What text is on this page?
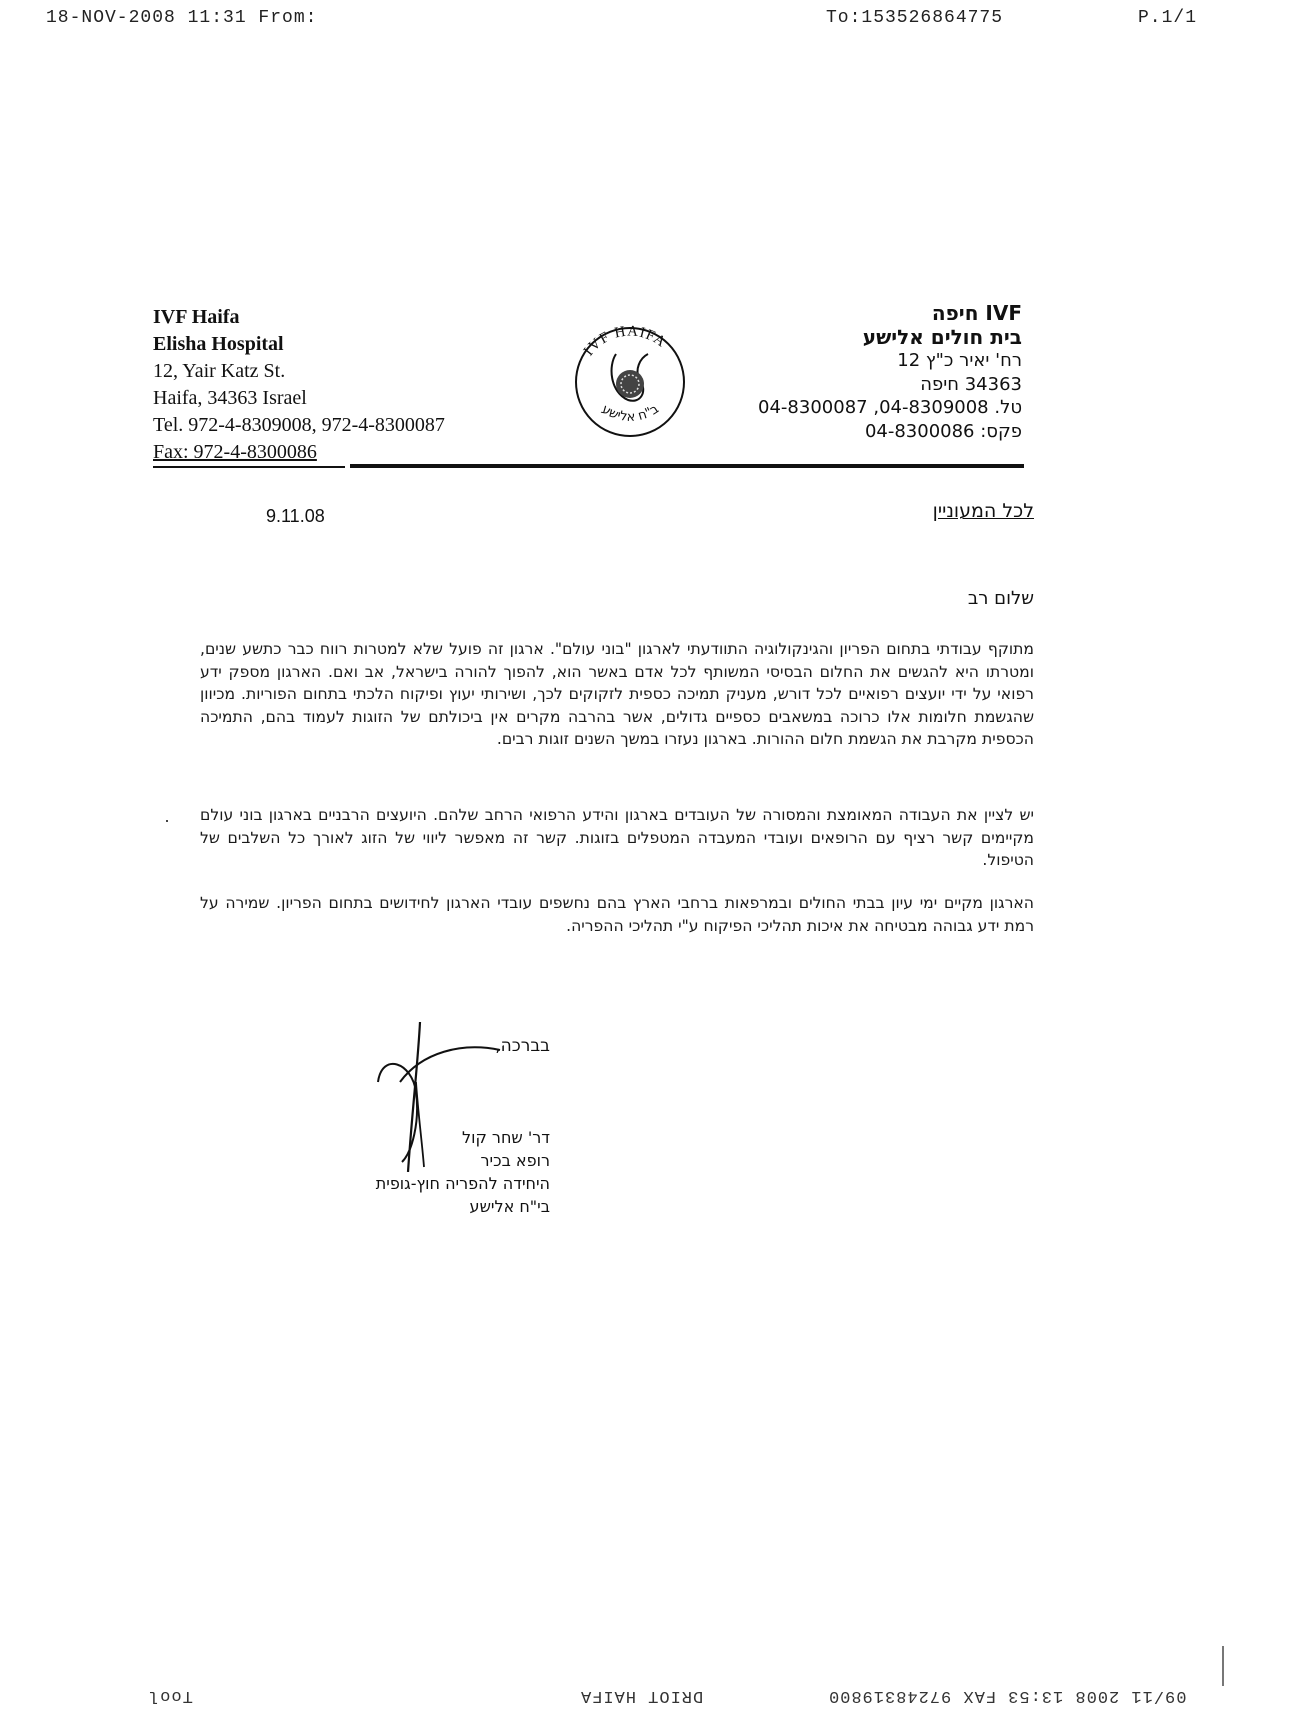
18-NOV-2008 11:31 From:	To:153526864775	P.1/1
IVF Haifa
Elisha Hospital
12, Yair Katz St.
Haifa, 34363 Israel
Tel. 972-4-8309008, 972-4-8300087
Fax: 972-4-8300086
IVF HAIFA
ב"ח אלישע
IVF חיפה
בית חולים אלישע
רח' יאיר כ"ץ 12
34363 חיפה
טל. 04-8309008, 04-8300087
פקס: 04-8300086
9.11.08	לכל המעוניין
שלום רב
מתוקף עבודתי בתחום הפריון והגינקולוגיה התוודעתי לארגון "בוני עולם". ארגון זה פועל שלא למטרות רווח כבר כתשע שנים, ומטרתו היא להגשים את החלום הבסיסי המשותף לכל אדם באשר הוא, להפוך להורה בישראל, אב ואם. הארגון מספק ידע רפואי על ידי יועצים רפואיים לכל דורש, מעניק תמיכה כספית לזקוקים לכך, ושירותי יעוץ ופיקוח הלכתי בתחום הפוריות. מכיוון שהגשמת חלומות אלו כרוכה במשאבים כספיים גדולים, אשר בהרבה מקרים אין ביכולתם של הזוגות לעמוד בהם, התמיכה הכספית מקרבת את הגשמת חלום ההורות. בארגון נעזרו במשך השנים זוגות רבים.
יש לציין את העבודה המאומצת והמסורה של העובדים בארגון והידע הרפואי הרחב שלהם. היועצים הרבניים בארגון בוני עולם מקיימים קשר רציף עם הרופאים ועובדי המעבדה המטפלים בזוגות. קשר זה מאפשר ליווי של הזוג לאורך כל השלבים של הטיפול.
הארגון מקיים ימי עיון בבתי החולים ובמרפאות ברחבי הארץ בהם נחשפים עובדי הארגון לחידושים בתחום הפריון. שמירה על רמת ידע גבוהה מבטיחה את איכות תהליכי הפיקוח ע"י תהליכי ההפריה.
בברכה,
דר' שחר קול
רופא בכיר
היחידה להפריה חוץ-גופית
בי"ח אלישע
Tool	DRIOT HAIFA	09/11 2008 13:53 FAX 97248319800
